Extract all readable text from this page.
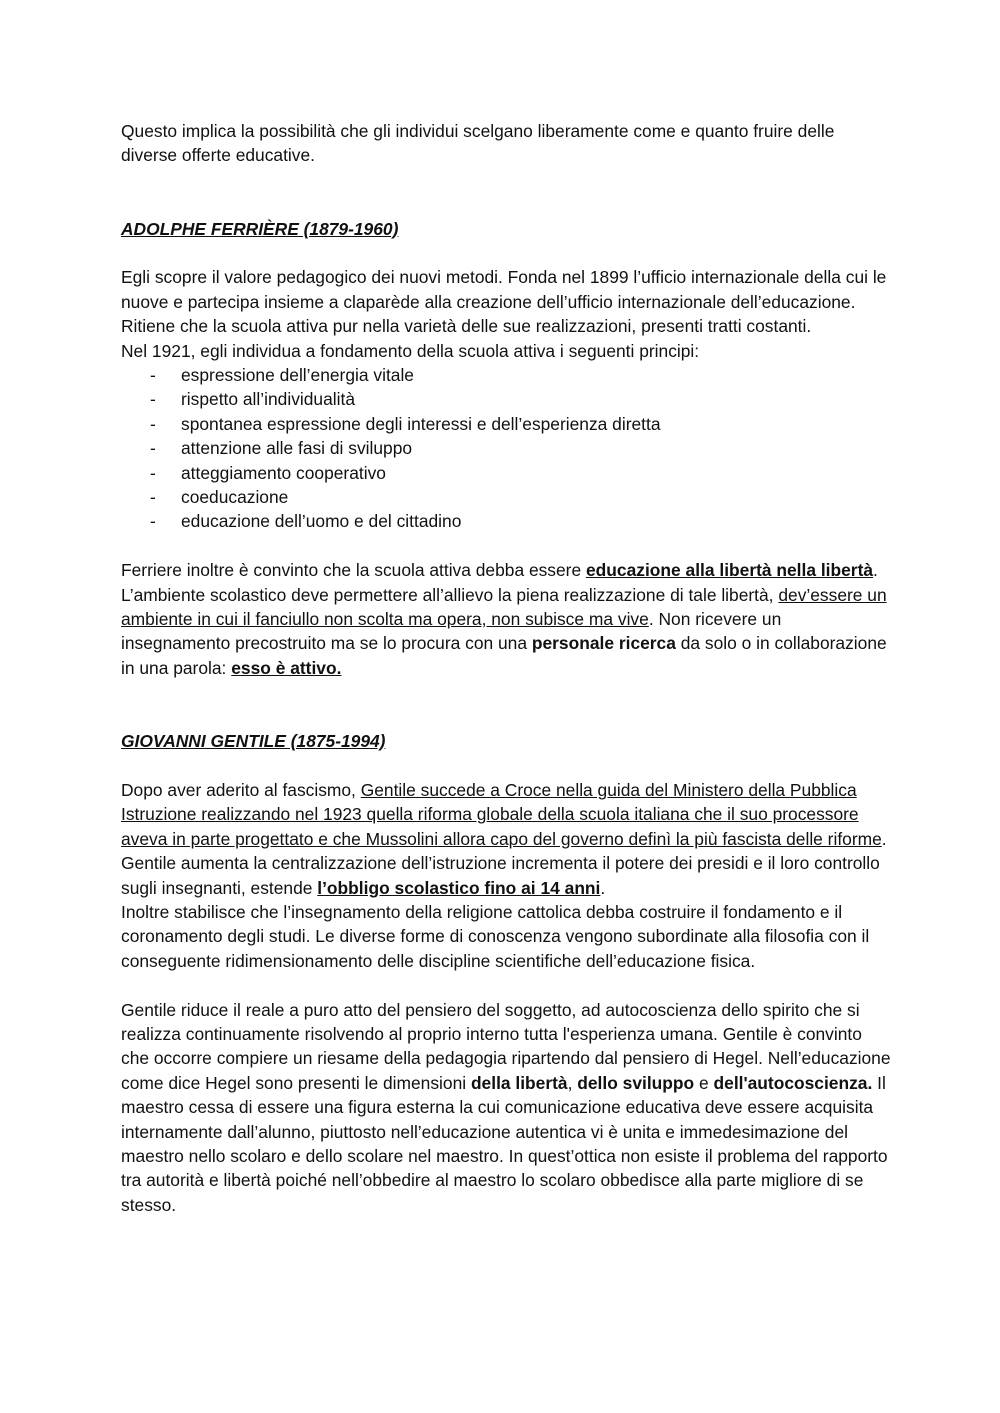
Questo implica la possibilità che gli individui scelgano liberamente come e quanto fruire delle diverse offerte educative.

ADOLPHE FERRIÈRE (1879-1960)

Egli scopre il valore pedagogico dei nuovi metodi. Fonda nel 1899 l’ufficio internazionale della cui le nuove e partecipa insieme a claparède alla creazione dell’ufficio internazionale dell’educazione.

Ritiene che la scuola attiva pur nella varietà delle sue realizzazioni, presenti tratti costanti.

Nel 1921, egli individua a fondamento della scuola attiva i seguenti principi:

- espressione dell’energia vitale
- rispetto all’individualità
- spontanea espressione degli interessi e dell’esperienza diretta
- attenzione alle fasi di sviluppo
- atteggiamento cooperativo
- coeducazione
- educazione dell’uomo e del cittadino

Ferriere inoltre è convinto che la scuola attiva debba essere educazione alla libertà nella libertà. L’ambiente scolastico deve permettere all’allievo la piena realizzazione di tale libertà, dev’essere un ambiente in cui il fanciullo non scolta ma opera, non subisce ma vive. Non ricevere un insegnamento precostruito ma se lo procura con una personale ricerca da solo o in collaborazione in una parola: esso è attivo.

GIOVANNI GENTILE (1875-1994)

Dopo aver aderito al fascismo, Gentile succede a Croce nella guida del Ministero della Pubblica Istruzione realizzando nel 1923 quella riforma globale della scuola italiana che il suo processore aveva in parte progettato e che Mussolini allora capo del governo definì la più fascista delle riforme. Gentile aumenta la centralizzazione dell’istruzione incrementa il potere dei presidi e il loro controllo sugli insegnanti, estende l’obbligo scolastico fino ai 14 anni.

Inoltre stabilisce che l’insegnamento della religione cattolica debba costruire il fondamento e il coronamento degli studi. Le diverse forme di conoscenza vengono subordinate alla filosofia con il conseguente ridimensionamento delle discipline scientifiche dell’educazione fisica.

Gentile riduce il reale a puro atto del pensiero del soggetto, ad autocoscienza dello spirito che si realizza continuamente risolvendo al proprio interno tutta l'esperienza umana. Gentile è convinto che occorre compiere un riesame della pedagogia ripartendo dal pensiero di Hegel. Nell’educazione come dice Hegel sono presenti le dimensioni della libertà, dello sviluppo e dell'autocoscienza. Il maestro cessa di essere una figura esterna la cui comunicazione educativa deve essere acquisita internamente dall’alunno, piuttosto nell’educazione autentica vi è unita e immedesimazione del maestro nello scolaro e dello scolare nel maestro. In quest’ottica non esiste il problema del rapporto tra autorità e libertà poiché nell’obbedire al maestro lo scolaro obbedisce alla parte migliore di se stesso.
